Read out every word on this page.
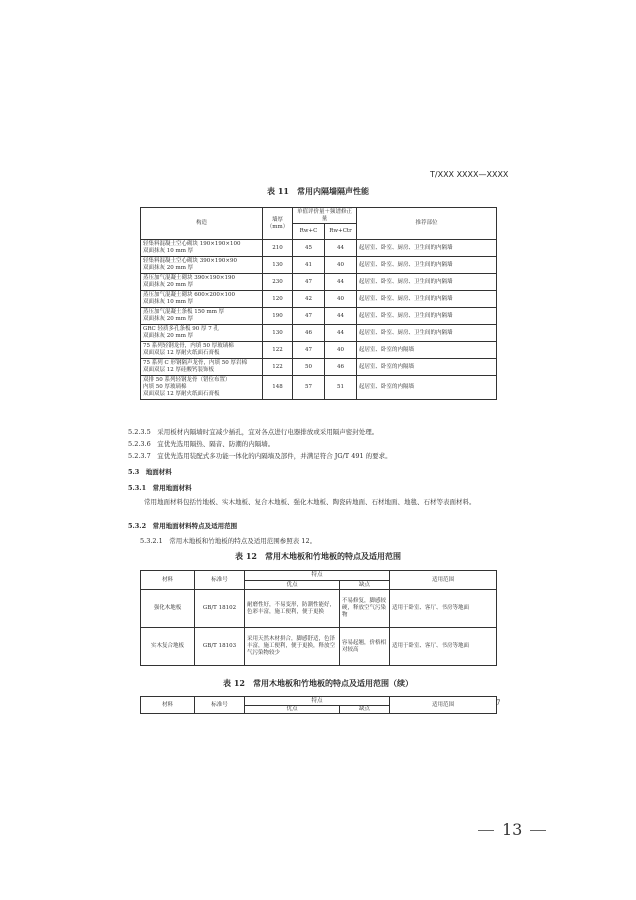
T/XXX XXXX—XXXX
表 11　常用内隔墙隔声性能
构造	墙厚（mm）	单值评价量＋频谱修正量		推荐部位
		Rw+C	Rw+Ctr	

轻集料混凝土空心砌块 190×190×100
双面抹灰 10 mm 厚	210	45	44	起居室、卧室、厨房、卫生间的内隔墙

轻集料混凝土空心砌块 390×190×90
双面抹灰 20 mm 厚	130	41	40	起居室、卧室、厨房、卫生间的内隔墙

蒸压加气混凝土砌块 390×190×190
双面抹灰 20 mm 厚	230	47	44	起居室、卧室、厨房、卫生间的内隔墙

蒸压加气混凝土砌块 600×200×100
双面抹灰 10 mm 厚	120	42	40	起居室、卧室、厨房、卫生间的内隔墙

蒸压加气混凝土条板 150 mm 厚
双面抹灰 20 mm 厚	190	47	44	起居室、卧室、厨房、卫生间的内隔墙

GRC 轻质多孔条板 90 厚 7 孔
双面抹灰 20 mm 厚	130	46	44	起居室、卧室、厨房、卫生间的内隔墙

75 系列轻钢龙骨，内填 50 厚玻璃棉
双面双层 12 厚耐火纸面石膏板	122	47	40	起居室、卧室的内隔墙

75 系列 C 形钢隔声龙骨，内填 50 厚岩棉
双面双层 12 厚硅酸钙装饰板	122	50	46	起居室、卧室的内隔墙

双排 50 系列轻钢龙骨（错位布置）
内填 50 厚玻璃棉
双面双层 12 厚耐火纸面石膏板	148	57	51	起居室、卧室的内隔墙
5.2.3.5　采用板材内隔墙时宜减少插孔，宜对各点进行电器排放或采用隔声密封处理。
5.2.3.6　宜优先选用隔热、隔音、防潮的内隔墙。
5.2.3.7　宜优先选用装配式多功能一体化的内隔墙及部件，并满足符合 JG/T 491 的要求。
5.3　地面材料
5.3.1　常用地面材料
常用地面材料包括竹地板、实木地板、复合木地板、强化木地板、陶瓷砖地面、石材地面、地毯、石材等表面材料。
5.3.2　常用地面材料特点及适用范围
5.3.2.1　常用木地板和竹地板的特点及适用范围参照表 12。
表 12　常用木地板和竹地板的特点及适用范围
材料	标准号	特点		适用范围
		优点	缺点	
强化木地板	GB/T 18102	耐磨性好，不易变形，防潮性能好，色彩丰富，施工便利，便于更换	不易修复，脚感较硬，释放空气污染物	适用于卧室、客厅、书房等地面
实木复合地板	GB/T 18103	采用天然木材拼合，脚感舒适，色泽丰富，施工便利，便于更换，释放空气污染物较少	容易起翘，价格相对较高	适用于卧室、客厅、书房等地面
表 12　常用木地板和竹地板的特点及适用范围（续）
材料	标准号	特点		适用范围
		优点	缺点	
7
13
